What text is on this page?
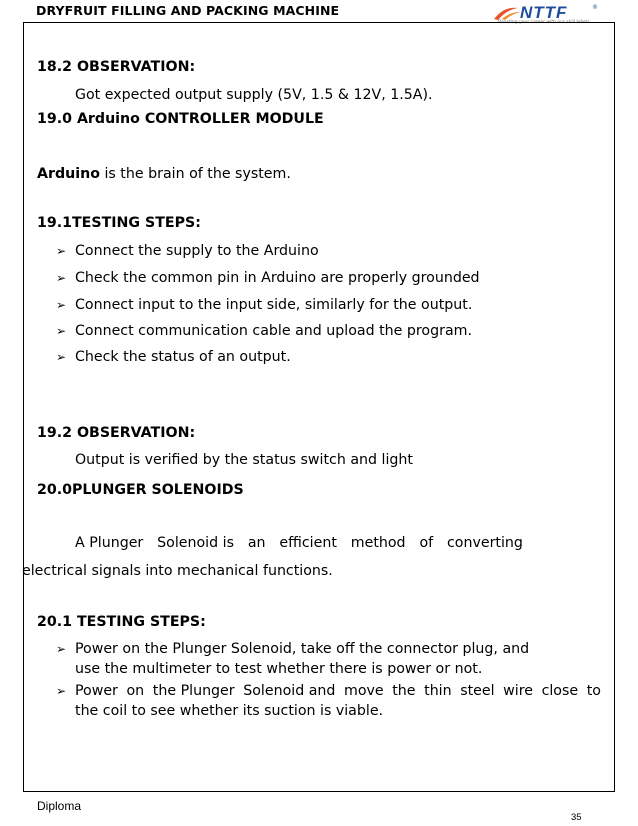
DRYFRUIT FILLING AND PACKING MACHINE	NTTF	®
Boosting your career with our skill labels
18.2 OBSERVATION:
Got expected output supply (5V, 1.5 & 12V, 1.5A).
19.0 Arduino CONTROLLER MODULE
Arduino is the brain of the system.
19.1TESTING STEPS:
➢ Connect the supply to the Arduino
➢ Check the common pin in Arduino are properly grounded
➢ Connect input to the input side, similarly for the output.
➢ Connect communication cable and upload the program.
➢ Check the status of an output.
19.2 OBSERVATION:
Output is verified by the status switch and light
20.0PLUNGER SOLENOIDS
A Plunger Solenoid is an efficient method of converting
electrical signals into mechanical functions.
20.1 TESTING STEPS:
➢ Power on the Plunger Solenoid, take off the connector plug, and
use the multimeter to test whether there is power or not.
➢ Power on the Plunger Solenoid and move the thin steel wire close to
the coil to see whether its suction is viable.
Diploma
35
